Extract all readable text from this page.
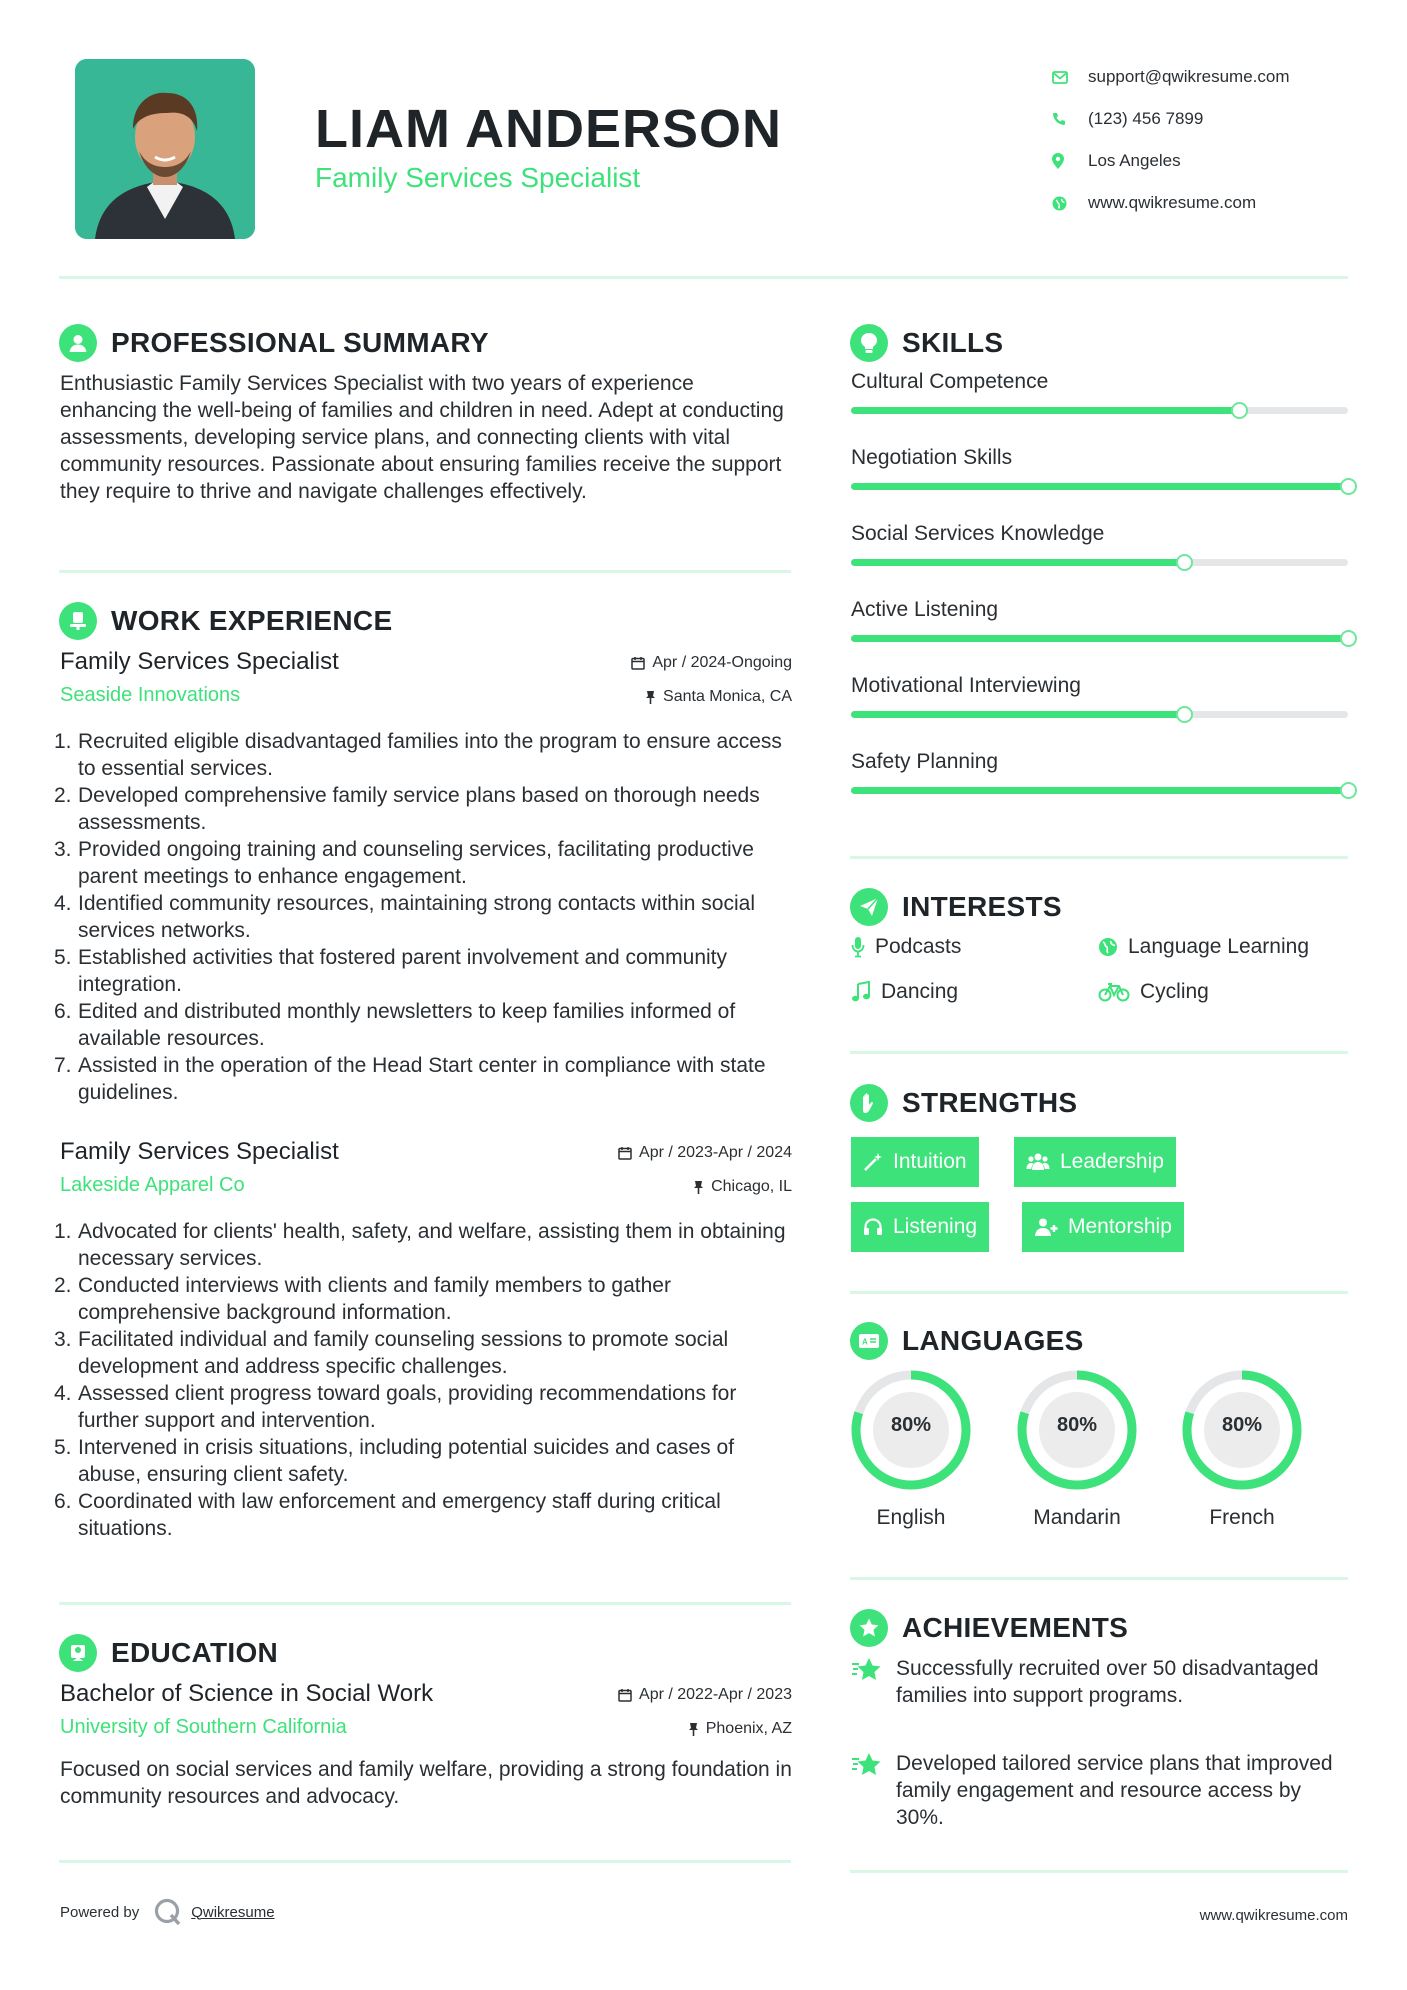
LIAM ANDERSON
Family Services Specialist
support@qwikresume.com
(123) 456 7899
Los Angeles
www.qwikresume.com
PROFESSIONAL SUMMARY
Enthusiastic Family Services Specialist with two years of experience enhancing the well-being of families and children in need. Adept at conducting assessments, developing service plans, and connecting clients with vital community resources. Passionate about ensuring families receive the support they require to thrive and navigate challenges effectively.
WORK EXPERIENCE
Family Services Specialist	Apr / 2024-Ongoing
Seaside Innovations	Santa Monica, CA
1. Recruited eligible disadvantaged families into the program to ensure access to essential services.
2. Developed comprehensive family service plans based on thorough needs assessments.
3. Provided ongoing training and counseling services, facilitating productive parent meetings to enhance engagement.
4. Identified community resources, maintaining strong contacts within social services networks.
5. Established activities that fostered parent involvement and community integration.
6. Edited and distributed monthly newsletters to keep families informed of available resources.
7. Assisted in the operation of the Head Start center in compliance with state guidelines.
Family Services Specialist	Apr / 2023-Apr / 2024
Lakeside Apparel Co	Chicago, IL
1. Advocated for clients' health, safety, and welfare, assisting them in obtaining necessary services.
2. Conducted interviews with clients and family members to gather comprehensive background information.
3. Facilitated individual and family counseling sessions to promote social development and address specific challenges.
4. Assessed client progress toward goals, providing recommendations for further support and intervention.
5. Intervened in crisis situations, including potential suicides and cases of abuse, ensuring client safety.
6. Coordinated with law enforcement and emergency staff during critical situations.
EDUCATION
Bachelor of Science in Social Work	Apr / 2022-Apr / 2023
University of Southern California	Phoenix, AZ
Focused on social services and family welfare, providing a strong foundation in community resources and advocacy.
SKILLS
Cultural Competence
Negotiation Skills
Social Services Knowledge
Active Listening
Motivational Interviewing
Safety Planning
INTERESTS
Podcasts	Language Learning
Dancing	Cycling
STRENGTHS
Intuition	Leadership
Listening	Mentorship
A LANGUAGES
80%
English
80%
Mandarin
80%
French
ACHIEVEMENTS
Successfully recruited over 50 disadvantaged families into support programs.
Developed tailored service plans that improved family engagement and resource access by 30%.
Powered by	Qwikresume	www.qwikresume.com
